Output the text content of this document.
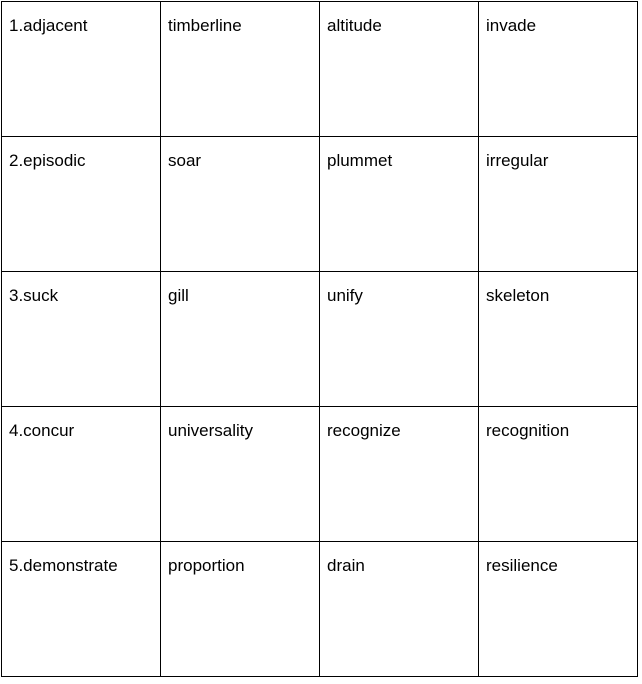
1.adjacent	timberline	altitude	invade

2.episodic	soar	plummet	irregular

3.suck	gill	unify	skeleton

4.concur	universality	recognize	recognition

5.demonstrate	proportion	drain	resilience
